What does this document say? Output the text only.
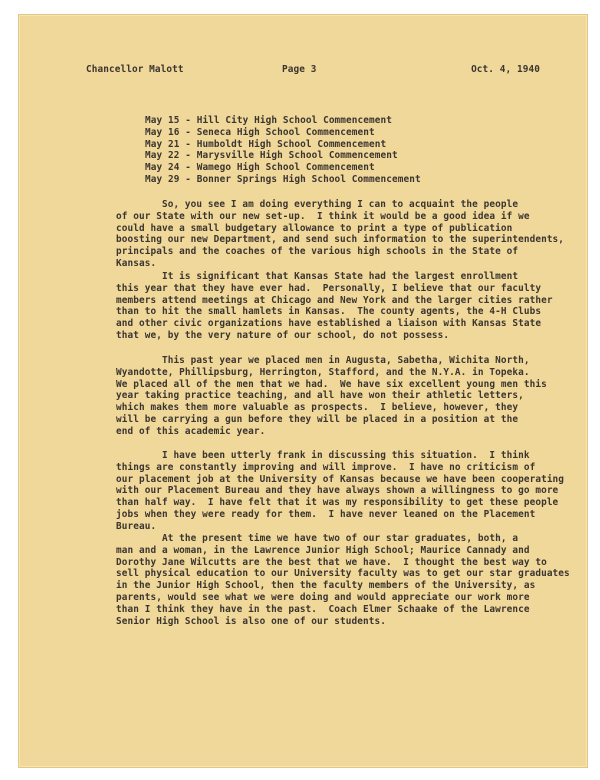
Chancellor Malott	Page 3	Oct. 4, 1940
May 15 - Hill City High School Commencement
May 16 - Seneca High School Commencement
May 21 - Humboldt High School Commencement
May 22 - Marysville High School Commencement
May 24 - Wamego High School Commencement
May 29 - Bonner Springs High School Commencement
So, you see I am doing everything I can to acquaint the people
of our State with our new set-up.  I think it would be a good idea if we
could have a small budgetary allowance to print a type of publication
boosting our new Department, and send such information to the superintendents,
principals and the coaches of the various high schools in the State of
Kansas.
It is significant that Kansas State had the largest enrollment
this year that they have ever had.  Personally, I believe that our faculty
members attend meetings at Chicago and New York and the larger cities rather
than to hit the small hamlets in Kansas.  The county agents, the 4-H Clubs
and other civic organizations have established a liaison with Kansas State
that we, by the very nature of our school, do not possess.
This past year we placed men in Augusta, Sabetha, Wichita North,
Wyandotte, Phillipsburg, Herrington, Stafford, and the N.Y.A. in Topeka.
We placed all of the men that we had.  We have six excellent young men this
year taking practice teaching, and all have won their athletic letters,
which makes them more valuable as prospects.  I believe, however, they
will be carrying a gun before they will be placed in a position at the
end of this academic year.
I have been utterly frank in discussing this situation.  I think
things are constantly improving and will improve.  I have no criticism of
our placement job at the University of Kansas because we have been cooperating
with our Placement Bureau and they have always shown a willingness to go more
than half way.  I have felt that it was my responsibility to get these people
jobs when they were ready for them.  I have never leaned on the Placement
Bureau.
At the present time we have two of our star graduates, both, a
man and a woman, in the Lawrence Junior High School; Maurice Cannady and
Dorothy Jane Wilcutts are the best that we have.  I thought the best way to
sell physical education to our University faculty was to get our star graduates
in the Junior High School, then the faculty members of the University, as
parents, would see what we were doing and would appreciate our work more
than I think they have in the past.  Coach Elmer Schaake of the Lawrence
Senior High School is also one of our students.
